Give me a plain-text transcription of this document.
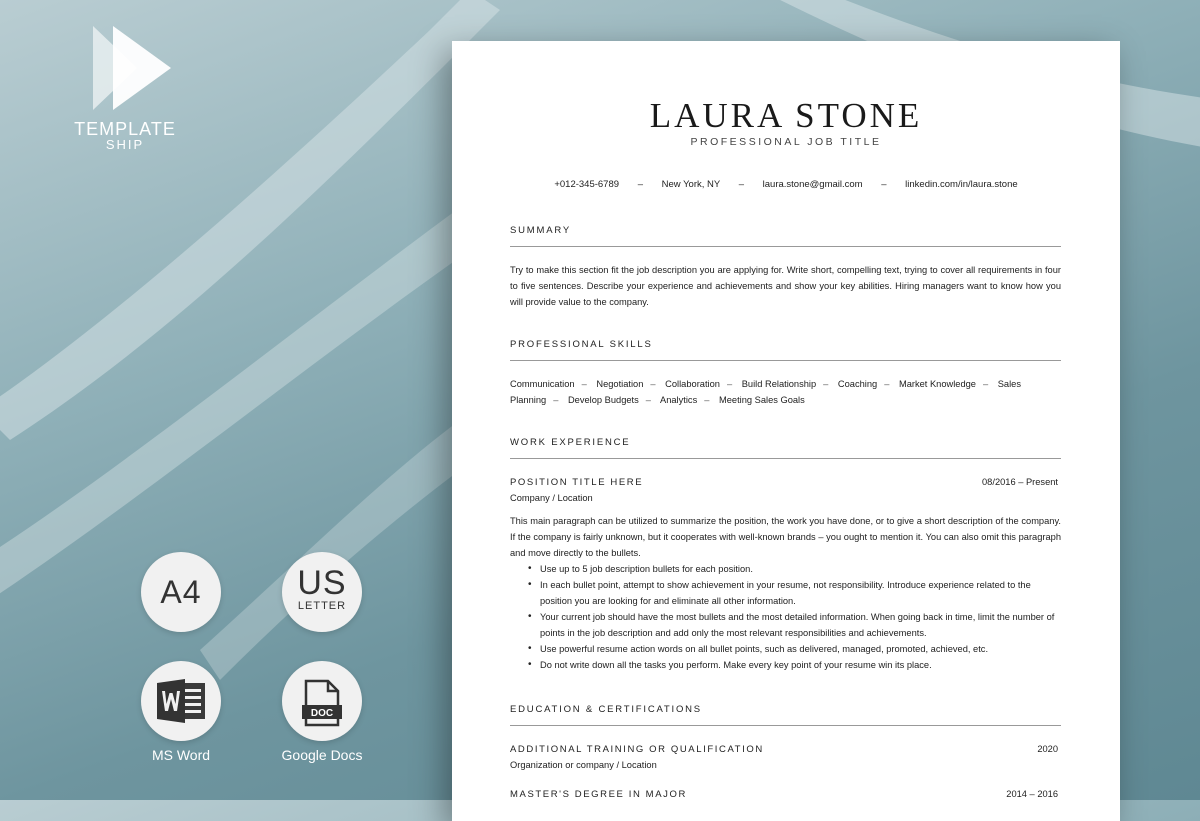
TEMPLATE
SHIP
A4	US
LETTER
DOC
MS Word	Google Docs
LAURA STONE
PROFESSIONAL JOB TITLE
+012-345-6789 – New York, NY – laura.stone@gmail.com – linkedin.com/in/laura.stone
SUMMARY

Try to make this section fit the job description you are applying for. Write short, compelling text, trying to cover all requirements in four to five sentences. Describe your experience and achievements and show your key abilities. Hiring managers want to know how you will provide value to the company.

PROFESSIONAL SKILLS
Communication – Negotiation – Collaboration – Build Relationship – Coaching – Market Knowledge – Sales Planning – Develop Budgets – Analytics – Meeting Sales Goals
WORK EXPERIENCE
POSITION TITLE HERE	08/2016 – Present
Company / Location

This main paragraph can be utilized to summarize the position, the work you have done, or to give a short description of the company. If the company is fairly unknown, but it cooperates with well-known brands – you ought to mention it. You can also omit this paragraph and move directly to the bullets.

• Use up to 5 job description bullets for each position.
• In each bullet point, attempt to show achievement in your resume, not responsibility. Introduce experience related to the position you are looking for and eliminate all other information.
• Your current job should have the most bullets and the most detailed information. When going back in time, limit the number of points in the job description and add only the most relevant responsibilities and achievements.
• Use powerful resume action words on all bullet points, such as delivered, managed, promoted, achieved, etc.
• Do not write down all the tasks you perform. Make every key point of your resume win its place.
EDUCATION & CERTIFICATIONS
ADDITIONAL TRAINING OR QUALIFICATION	2020
Organization or company / Location
MASTER'S DEGREE IN MAJOR	2014 – 2016
